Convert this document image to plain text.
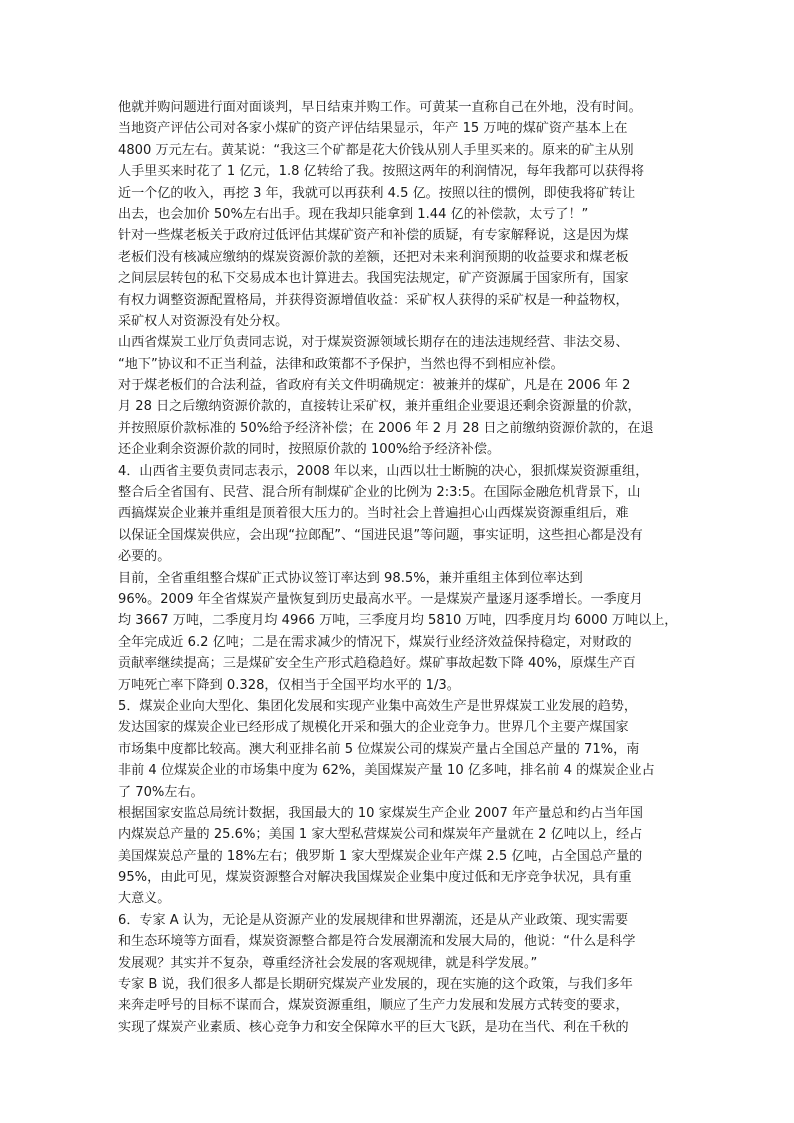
他就并购问题进行面对面谈判，早日结束并购工作。可黄某一直称自己在外地，没有时间。
当地资产评估公司对各家小煤矿的资产评估结果显示，年产 15 万吨的煤矿资产基本上在
4800 万元左右。黄某说：“我这三个矿都是花大价钱从别人手里买来的。原来的矿主从别
人手里买来时花了 1 亿元，1.8 亿转给了我。按照这两年的利润情况，每年我都可以获得将
近一个亿的收入，再挖 3 年，我就可以再获利 4.5 亿。按照以往的惯例，即使我将矿转让
出去，也会加价 50%左右出手。现在我却只能拿到 1.44 亿的补偿款，太亏了！”
针对一些煤老板关于政府过低评估其煤矿资产和补偿的质疑，有专家解释说，这是因为煤
老板们没有核减应缴纳的煤炭资源价款的差额，还把对未来利润预期的收益要求和煤老板
之间层层转包的私下交易成本也计算进去。我国宪法规定，矿产资源属于国家所有，国家
有权力调整资源配置格局，并获得资源增值收益：采矿权人获得的采矿权是一种益物权，
采矿权人对资源没有处分权。
山西省煤炭工业厅负责同志说，对于煤炭资源领域长期存在的违法违规经营、非法交易、
“地下”协议和不正当利益，法律和政策都不予保护，当然也得不到相应补偿。
对于煤老板们的合法利益，省政府有关文件明确规定：被兼并的煤矿，凡是在 2006 年 2
月 28 日之后缴纳资源价款的，直接转让采矿权，兼并重组企业要退还剩余资源量的价款，
并按照原价款标准的 50%给予经济补偿；在 2006 年 2 月 28 日之前缴纳资源价款的，在退
还企业剩余资源价款的同时，按照原价款的 100%给予经济补偿。
4．山西省主要负责同志表示，2008 年以来，山西以壮士断腕的决心，狠抓煤炭资源重组，
整合后全省国有、民营、混合所有制煤矿企业的比例为 2:3:5。在国际金融危机背景下，山
西搞煤炭企业兼并重组是顶着很大压力的。当时社会上普遍担心山西煤炭资源重组后，难
以保证全国煤炭供应，会出现“拉郎配”、“国进民退”等问题，事实证明，这些担心都是没有
必要的。
目前，全省重组整合煤矿正式协议签订率达到 98.5%，兼并重组主体到位率达到
96%。2009 年全省煤炭产量恢复到历史最高水平。一是煤炭产量逐月逐季增长。一季度月
均 3667 万吨，二季度月均 4966 万吨，三季度月均 5810 万吨，四季度月均 6000 万吨以上，
全年完成近 6.2 亿吨；二是在需求减少的情况下，煤炭行业经济效益保持稳定，对财政的
贡献率继续提高；三是煤矿安全生产形式趋稳趋好。煤矿事故起数下降 40%，原煤生产百
万吨死亡率下降到 0.328，仅相当于全国平均水平的 1/3。
5．煤炭企业向大型化、集团化发展和实现产业集中高效生产是世界煤炭工业发展的趋势，
发达国家的煤炭企业已经形成了规模化开采和强大的企业竞争力。世界几个主要产煤国家
市场集中度都比较高。澳大利亚排名前 5 位煤炭公司的煤炭产量占全国总产量的 71%，南
非前 4 位煤炭企业的市场集中度为 62%，美国煤炭产量 10 亿多吨，排名前 4 的煤炭企业占
了 70%左右。
根据国家安监总局统计数据，我国最大的 10 家煤炭生产企业 2007 年产量总和约占当年国
内煤炭总产量的 25.6%；美国 1 家大型私营煤炭公司和煤炭年产量就在 2 亿吨以上，经占
美国煤炭总产量的 18%左右；俄罗斯 1 家大型煤炭企业年产煤 2.5 亿吨，占全国总产量的
95%，由此可见，煤炭资源整合对解决我国煤炭企业集中度过低和无序竞争状况，具有重
大意义。
6．专家 A 认为，无论是从资源产业的发展规律和世界潮流，还是从产业政策、现实需要
和生态环境等方面看，煤炭资源整合都是符合发展潮流和发展大局的，他说：“什么是科学
发展观？其实并不复杂，尊重经济社会发展的客观规律，就是科学发展。”
专家 B 说，我们很多人都是长期研究煤炭产业发展的，现在实施的这个政策，与我们多年
来奔走呼号的目标不谋而合，煤炭资源重组，顺应了生产力发展和发展方式转变的要求，
实现了煤炭产业素质、核心竞争力和安全保障水平的巨大飞跃，是功在当代、利在千秋的
